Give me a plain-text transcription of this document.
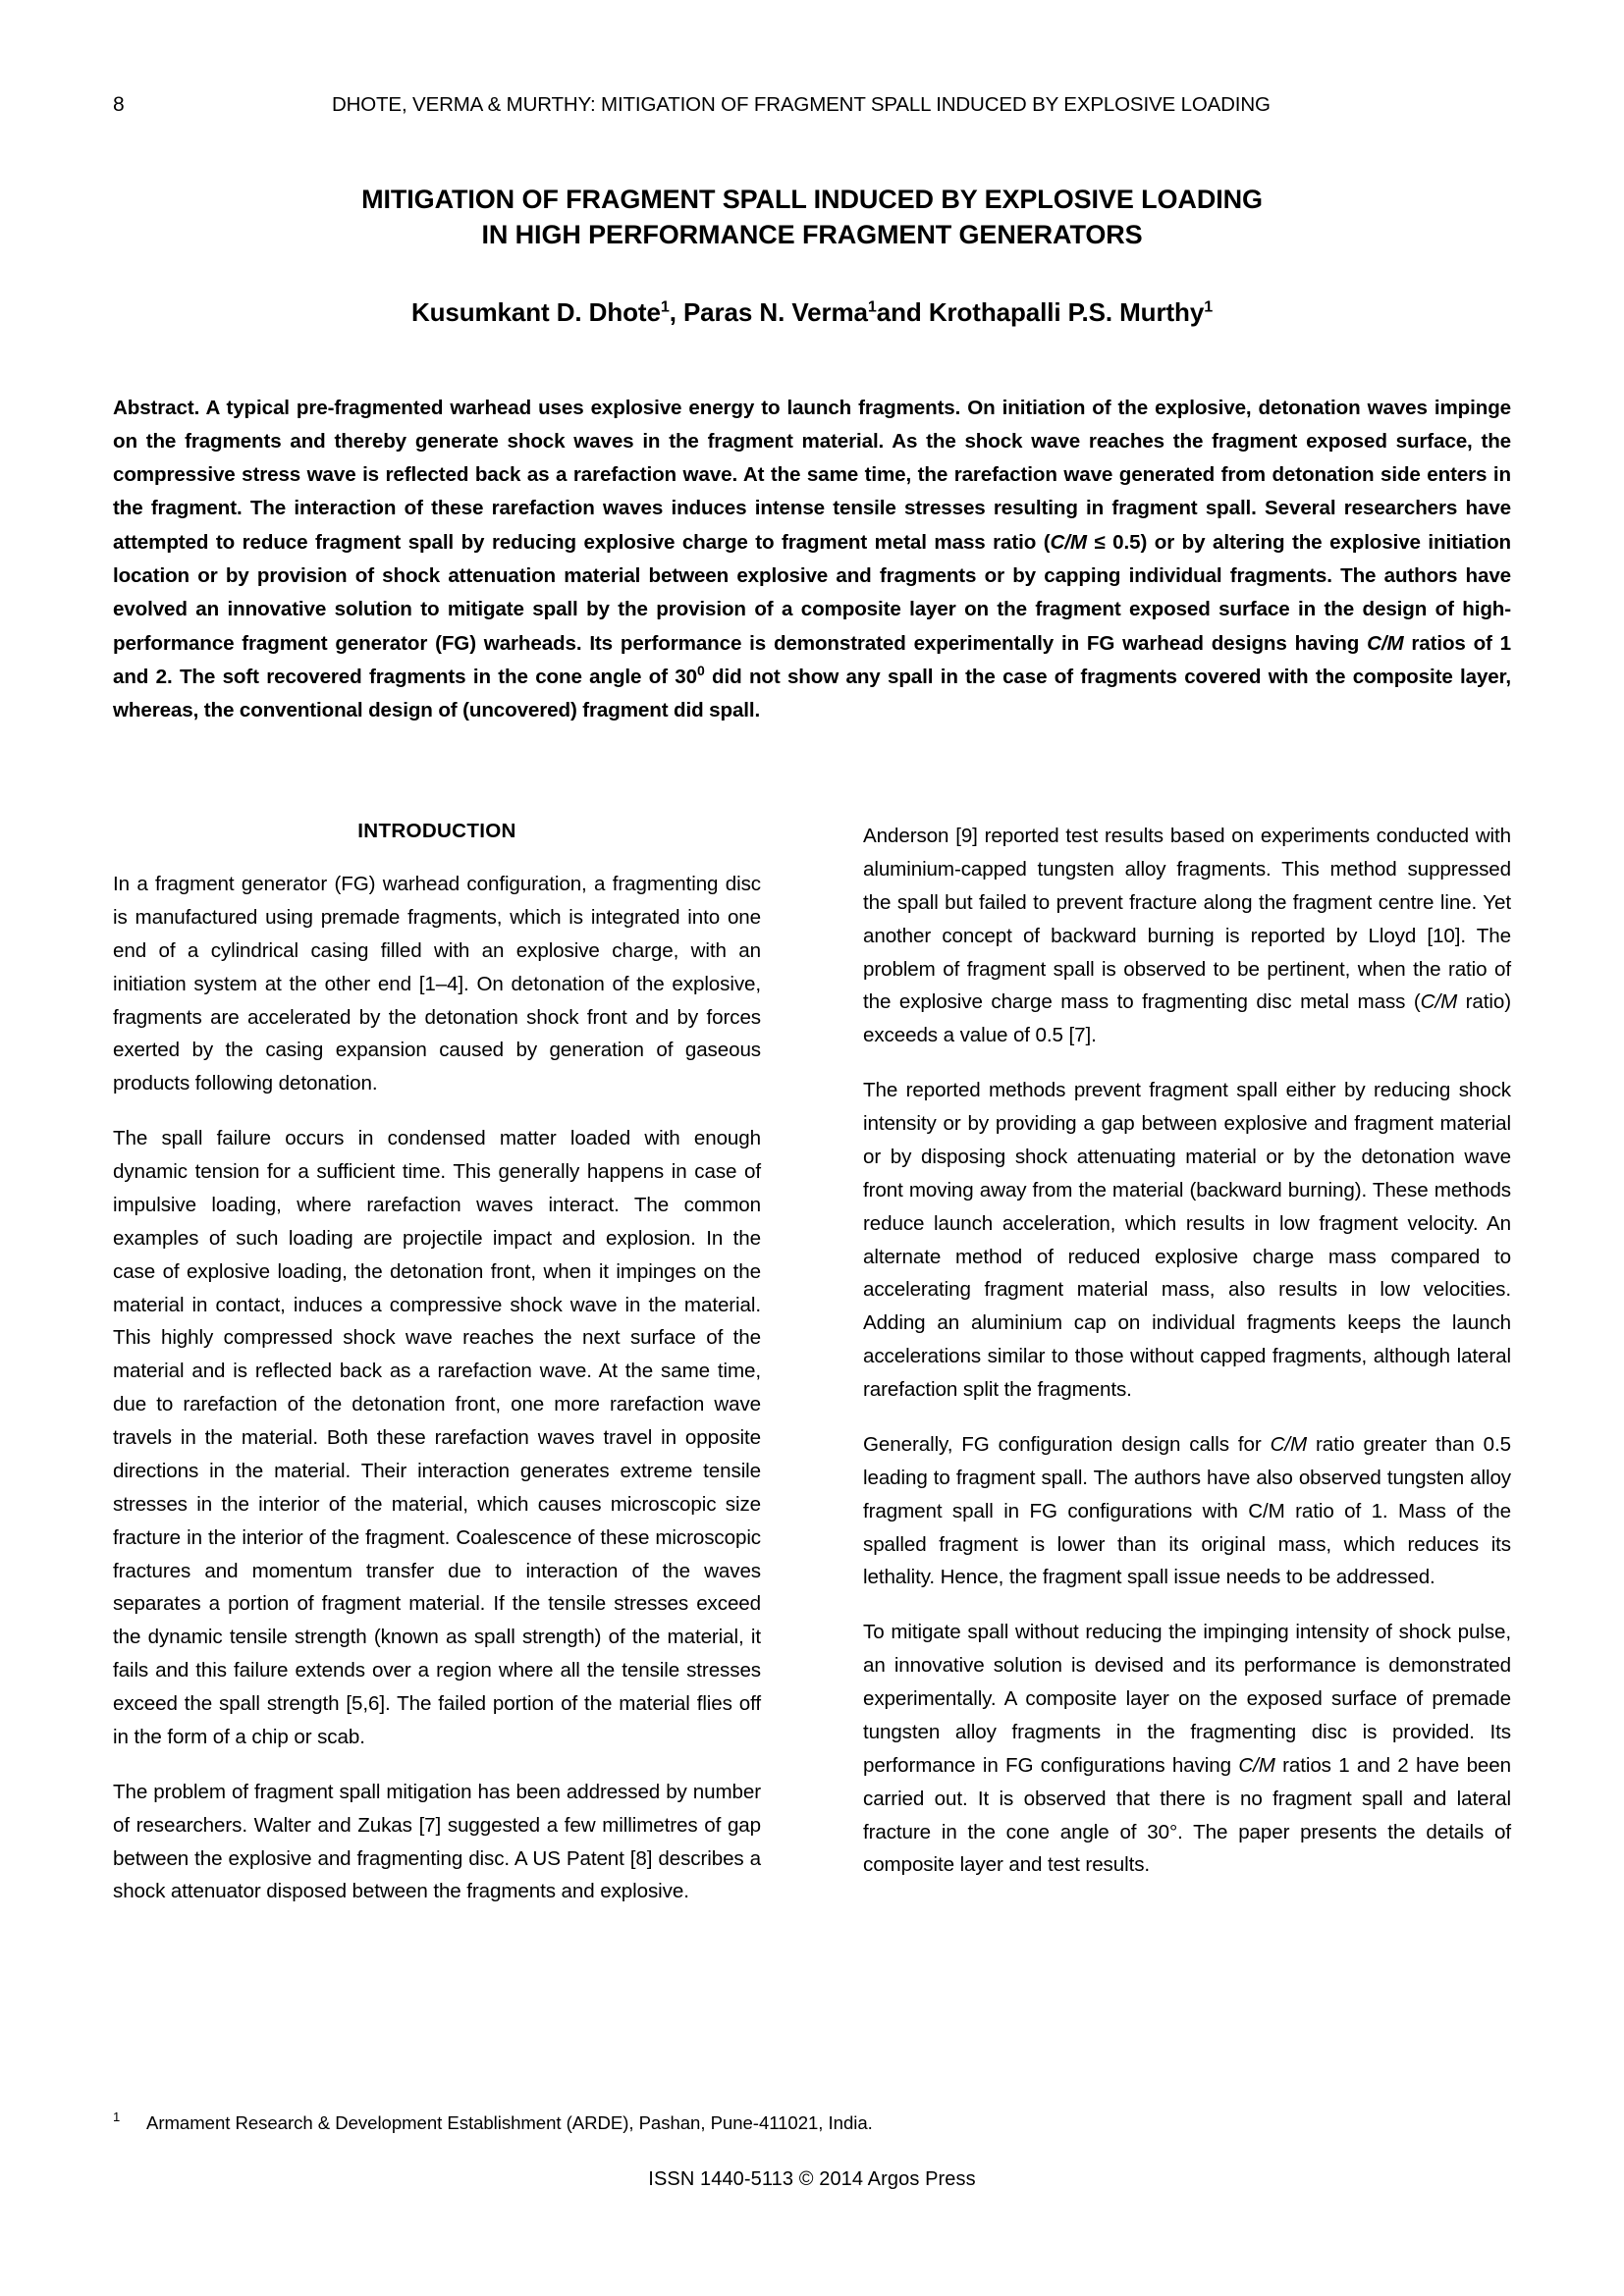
8	DHOTE, VERMA & MURTHY: MITIGATION OF FRAGMENT SPALL INDUCED BY EXPLOSIVE LOADING
MITIGATION OF FRAGMENT SPALL INDUCED BY EXPLOSIVE LOADING
IN HIGH PERFORMANCE FRAGMENT GENERATORS
Kusumkant D. Dhote$^1$, Paras N. Verma$^1$and Krothapalli P.S. Murthy$^1$

Abstract. A typical pre-fragmented warhead uses explosive energy to launch fragments. On initiation of the explosive, detonation waves impinge on the fragments and thereby generate shock waves in the fragment material. As the shock wave reaches the fragment exposed surface, the compressive stress wave is reflected back as a rarefaction wave. At the same time, the rarefaction wave generated from detonation side enters in the fragment. The interaction of these rarefaction waves induces intense tensile stresses resulting in fragment spall. Several researchers have attempted to reduce fragment spall by reducing explosive charge to fragment metal mass ratio (C/M ≤ 0.5) or by altering the explosive initiation location or by provision of shock attenuation material between explosive and fragments or by capping individual fragments. The authors have evolved an innovative solution to mitigate spall by the provision of a composite layer on the fragment exposed surface in the design of high-performance fragment generator (FG) warheads. Its performance is demonstrated experimentally in FG warhead designs having C/M ratios of 1 and 2. The soft recovered fragments in the cone angle of $30^0$ did not show any spall in the case of fragments covered with the composite layer, whereas, the conventional design of (uncovered) fragment did spall.

INTRODUCTION

In a fragment generator (FG) warhead configuration, a fragmenting disc is manufactured using premade fragments, which is integrated into one end of a cylindrical casing filled with an explosive charge, with an initiation system at the other end [1–4]. On detonation of the explosive, fragments are accelerated by the detonation shock front and by forces exerted by the casing expansion caused by generation of gaseous products following detonation.

The spall failure occurs in condensed matter loaded with enough dynamic tension for a sufficient time. This generally happens in case of impulsive loading, where rarefaction waves interact. The common examples of such loading are projectile impact and explosion. In the case of explosive loading, the detonation front, when it impinges on the material in contact, induces a compressive shock wave in the material. This highly compressed shock wave reaches the next surface of the material and is reflected back as a rarefaction wave. At the same time, due to rarefaction of the detonation front, one more rarefaction wave travels in the material. Both these rarefaction waves travel in opposite directions in the material. Their interaction generates extreme tensile stresses in the interior of the material, which causes microscopic size fracture in the interior of the fragment. Coalescence of these microscopic fractures and momentum transfer due to interaction of the waves separates a portion of fragment material. If the tensile stresses exceed the dynamic tensile strength (known as spall strength) of the material, it fails and this failure extends over a region where all the tensile stresses exceed the spall strength [5,6]. The failed portion of the material flies off in the form of a chip or scab.

The problem of fragment spall mitigation has been addressed by number of researchers. Walter and Zukas [7] suggested a few millimetres of gap between the explosive and fragmenting disc. A US Patent [8] describes a shock attenuator disposed between the fragments and explosive.

Anderson [9] reported test results based on experiments conducted with aluminium-capped tungsten alloy fragments. This method suppressed the spall but failed to prevent fracture along the fragment centre line. Yet another concept of backward burning is reported by Lloyd [10]. The problem of fragment spall is observed to be pertinent, when the ratio of the explosive charge mass to fragmenting disc metal mass (C/M ratio) exceeds a value of 0.5 [7].

The reported methods prevent fragment spall either by reducing shock intensity or by providing a gap between explosive and fragment material or by disposing shock attenuating material or by the detonation wave front moving away from the material (backward burning). These methods reduce launch acceleration, which results in low fragment velocity. An alternate method of reduced explosive charge mass compared to accelerating fragment material mass, also results in low velocities. Adding an aluminium cap on individual fragments keeps the launch accelerations similar to those without capped fragments, although lateral rarefaction split the fragments.

Generally, FG configuration design calls for C/M ratio greater than 0.5 leading to fragment spall. The authors have also observed tungsten alloy fragment spall in FG configurations with C/M ratio of 1. Mass of the spalled fragment is lower than its original mass, which reduces its lethality. Hence, the fragment spall issue needs to be addressed.

To mitigate spall without reducing the impinging intensity of shock pulse, an innovative solution is devised and its performance is demonstrated experimentally. A composite layer on the exposed surface of premade tungsten alloy fragments in the fragmenting disc is provided. Its performance in FG configurations having C/M ratios 1 and 2 have been carried out. It is observed that there is no fragment spall and lateral fracture in the cone angle of 30°. The paper presents the details of composite layer and test results.

1	Armament Research & Development Establishment (ARDE), Pashan, Pune-411021, India.
ISSN 1440-5113 © 2014 Argos Press
